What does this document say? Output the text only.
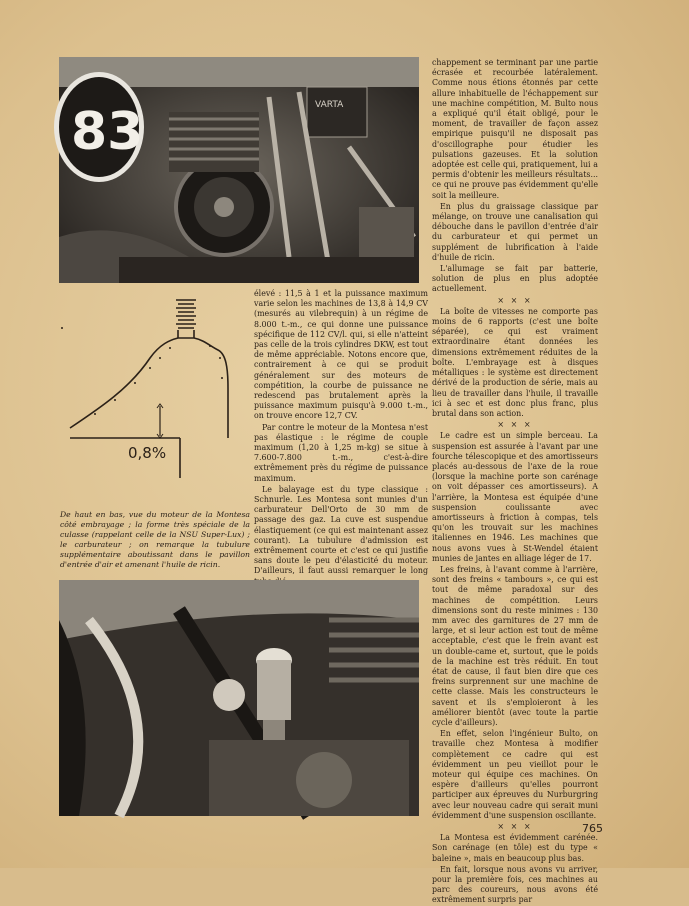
83	VARTA
0,8%

De haut en bas, vue du moteur de la Montesa côté embrayage ; la forme très spéciale de la culasse (rappelant celle de la NSU Super-Lux) ; le carburateur ; on remarque la tubulure supplémentaire aboutissant dans le pavillon d'entrée d'air et amenant l'huile de ricin.

élevé : 11,5 à 1 et la puissance maximum varie selon les machines de 13,8 à 14,9 CV (mesurés au vilebrequin) à un régime de 8.000 t.-m., ce qui donne une puissance spécifique de 112 CV/l. qui, si elle n'atteint pas celle de la trois cylindres DKW, est tout de même appréciable. Notons encore que, contrairement à ce qui se produit généralement sur des moteurs de compétition, la courbe de puissance ne redescend pas brutalement après la puissance maximum puisqu'à 9.000 t.-m., on trouve encore 12,7 CV.

Par contre le moteur de la Montesa n'est pas élastique : le régime de couple maximum (1,20 à 1,25 m-kg) se situe à 7.600-7.800 t.-m., c'est-à-dire extrêmement près du régime de puissance maximum.

Le balayage est du type classique : Schnurle. Les Montesa sont munies d'un carburateur Dell'Orto de 30 mm de passage des gaz. La cuve est suspendue élastiquement (ce qui est maintenant assez courant). La tubulure d'admission est extrêmement courte et c'est ce qui justifie sans doute le peu d'élasticité du moteur. D'ailleurs, il faut aussi remarquer le long

chappement se terminant par une partie écrasée et recourbée latéralement. Comme nous étions étonnés par cette allure inhabituelle de l'échappement sur une machine compétition, M. Bulto nous a expliqué qu'il était obligé, pour le moment, de travailler de façon assez empirique puisqu'il ne disposait pas d'oscillographe pour étudier les pulsations gazeuses. Et la solution adoptée est celle qui, pratiquement, lui a permis d'obtenir les meilleurs résultats... ce qui ne prouve pas évidemment qu'elle soit la meilleure.

En plus du graissage classique par mélange, on trouve une canalisation qui débouche dans le pavillon d'entrée d'air du carburateur et qui permet un supplément de lubrification à l'aide d'huile de ricin.

L'allumage se fait par batterie, solution de plus en plus adoptée actuellement.

× × ×

La boîte de vitesses ne comporte pas moins de 6 rapports (c'est une boîte séparée), ce qui est vraiment extraordinaire étant données les dimensions extrêmement réduites de la boîte. L'embrayage est à disques métalliques : le système est directement dérivé de la production de série, mais au lieu de travailler dans l'huile, il travaille ici à sec et est donc plus franc, plus brutal dans son action.

× × ×

Le cadre est un simple berceau. La suspension est assurée à l'avant par une fourche télescopique et des amortisseurs placés au-dessous de l'axe de la roue (lorsque la machine porte son carénage on voit dépasser ces amortisseurs). A l'arrière, la Montesa est équipée d'une suspension coulissante avec amortisseurs à friction à compas, tels qu'on les trouvait sur les machines italiennes en 1946. Les machines que nous avons vues à St-Wendel étaient munies de jantes en alliage léger de 17.

Les freins, à l'avant comme à l'arrière, sont des freins « tambours », ce qui est tout de même paradoxal sur des machines de compétition. Leurs dimensions sont du reste minimes : 130 mm avec des garnitures de 27 mm de large, et si leur action est tout de même acceptable, c'est que le frein avant est un double-came et, surtout, que le poids de la machine est très réduit. En tout état de cause, il faut bien dire que ces freins surprennent sur une machine de cette classe. Mais les constructeurs le savent et ils s'emploieront à les améliorer bientôt (avec toute la partie cycle d'ailleurs).

En effet, selon l'ingénieur Bulto, on travaille chez Montesa à modifier complètement ce cadre qui est évidemment un peu vieillot pour le moteur qui équipe ces machines. On espère d'ailleurs qu'elles pourront participer aux épreuves du Nurburgring avec leur nouveau cadre qui serait muni évidemment d'une suspension oscillante.

× × ×

La Montesa est évidemment carénée. Son carénage (en tôle) est du type « baleine », mais en beaucoup plus bas.

En fait, lorsque nous avons vu arriver, pour la première fois, ces machines au parc des coureurs, nous avons été extrêmement surpris par

765
